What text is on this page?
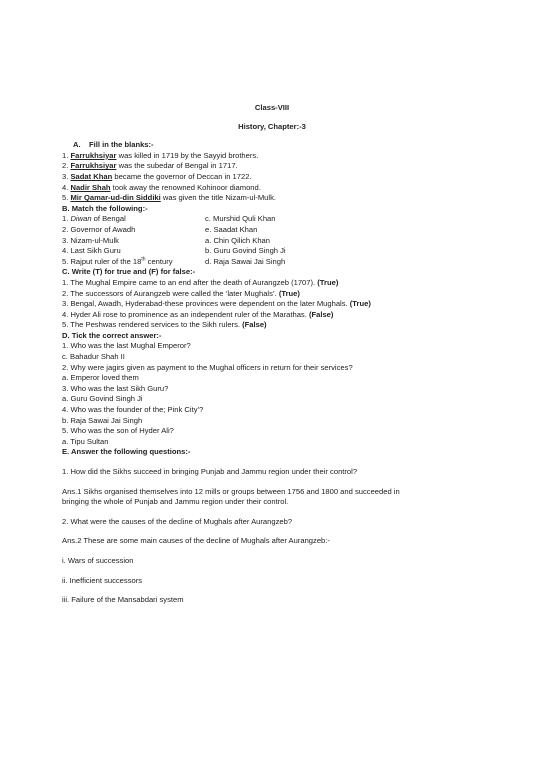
Class-VIII
History, Chapter:-3
A.    Fill in the blanks:-
1. Farrukhsiyar was killed in 1719 by the Sayyid brothers.
2. Farrukhsiyar was the subedar of Bengal in 1717.
3. Sadat Khan became the governor of Deccan in 1722.
4. Nadir Shah took away the renowned Kohinoor diamond.
5. Mir Qamar-ud-din Siddiki was given the title Nizam-ul-Mulk.
B. Match the following:-
1. Diwan of Bengal	c. Murshid Quli Khan
2. Governor of Awadh	e. Saadat Khan
3. Nizam-ul-Mulk	a. Chin Qilich Khan
4. Last Sikh Guru	b. Guru Govind Singh Ji
5. Rajput ruler of the 18th century	d. Raja Sawai Jai Singh
C. Write (T) for true and (F) for false:-
1. The Mughal Empire came to an end after the death of Aurangzeb (1707). (True)
2. The successors of Aurangzeb were called the ‘later Mughals’. (True)
3. Bengal, Awadh, Hyderabad-these provinces were dependent on the later Mughals. (True)
4. Hyder Ali rose to prominence as an independent ruler of the Marathas. (False)
5. The Peshwas rendered services to the Sikh rulers. (False)
D. Tick the correct answer:-
1. Who was the last Mughal Emperor?
c. Bahadur Shah II
2. Why were jagirs given as payment to the Mughal officers in return for their services?
a. Emperor loved them
3. Who was the last Sikh Guru?
a. Guru Govind Singh Ji
4. Who was the founder of the; Pink City’?
b. Raja Sawai Jai Singh
5. Who was the son of Hyder Ali?
a. Tipu Sultan
E. Answer the following questions:-
1. How did the Sikhs succeed in bringing Punjab and Jammu region under their control?
Ans.1 Sikhs organised themselves into 12 mills or groups between 1756 and 1800 and succeeded in
bringing the whole of Punjab and Jammu region under their control.
2. What were the causes of the decline of Mughals after Aurangzeb?
Ans.2 These are some main causes of the decline of Mughals after Aurangzeb:-
i. Wars of succession
ii. Inefficient successors
iii. Failure of the Mansabdari system
